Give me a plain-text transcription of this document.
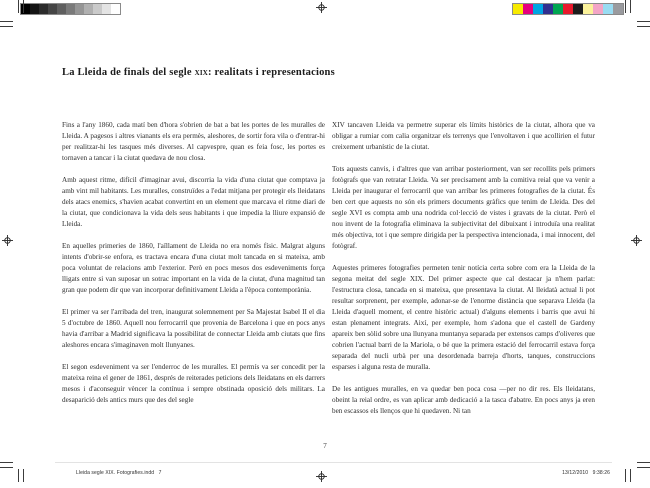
La Lleida de finals del segle xix: realitats i representacions

Fins a l'any 1860, cada matí ben d'hora s'obrien de bat a bat les portes de les muralles de Lleida. A pagesos i altres vianants els era permès, aleshores, de sortir fora vila o d'entrar-hi per realitzar-hi les tasques més diverses. Al capvespre, quan es feia fosc, les portes es tornaven a tancar i la ciutat quedava de nou closa.

Amb aquest ritme, difícil d'imaginar avui, discorria la vida d'una ciutat que comptava ja amb vint mil habitants. Les muralles, construïdes a l'edat mitjana per protegir els lleidatans dels atacs enemics, s'havien acabat convertint en un element que marcava el ritme diari de la ciutat, que condicionava la vida dels seus habitants i que impedia la lliure expansió de Lleida.

En aquelles primeries de 1860, l'aïllament de Lleida no era només físic. Malgrat alguns intents d'obrir-se enfora, es tractava encara d'una ciutat molt tancada en si mateixa, amb poca voluntat de relacions amb l'exterior. Però en pocs mesos dos esdeveniments força lligats entre si van suposar un sotrac important en la vida de la ciutat, d'una magnitud tan gran que podem dir que van incorporar definitivament Lleida a l'època contemporània.

El primer va ser l'arribada del tren, inaugurat solemnement per Sa Majestat Isabel II el dia 5 d'octubre de 1860. Aquell nou ferrocarril que provenia de Barcelona i que en pocs anys havia d'arribar a Madrid significava la possibilitat de connectar Lleida amb ciutats que fins aleshores encara s'imaginaven molt llunyanes.

El segon esdeveniment va ser l'enderroc de les muralles. El permís va ser concedit per la mateixa reina el gener de 1861, després de reiterades peticions dels lleidatans en els darrers mesos i d'aconseguir vèncer la contínua i sempre obstinada oposició dels militars. La desaparició dels antics murs que des del segle

XIV tancaven Lleida va permetre superar els límits històrics de la ciutat, alhora que va obligar a rumiar com calia organitzar els terrenys que l'envoltaven i que acollirien el futur creixement urbanístic de la ciutat.

Tots aquests canvis, i d'altres que van arribar posteriorment, van ser recollits pels primers fotògrafs que van retratar Lleida. Va ser precisament amb la comitiva reial que va venir a Lleida per inaugurar el ferrocarril que van arribar les primeres fotografies de la ciutat. És ben cert que aquests no són els primers documents gràfics que tenim de Lleida. Des del segle XVI es compta amb una nodrida col·lecció de vistes i gravats de la ciutat. Però el nou invent de la fotografia eliminava la subjectivitat del dibuixant i introduïa una realitat més objectiva, tot i que sempre dirigida per la perspectiva intencionada, i mai innocent, del fotògraf.

Aquestes primeres fotografies permeten tenir notícia certa sobre com era la Lleida de la segona meitat del segle XIX. Del primer aspecte que cal destacar ja n'hem parlat: l'estructura closa, tancada en si mateixa, que presentava la ciutat. Al lleidatà actual li pot resultar sorprenent, per exemple, adonar-se de l'enorme distància que separava Lleida (la Lleida d'aquell moment, el centre històric actual) d'alguns elements i barris que avui hi estan plenament integrats. Així, per exemple, hom s'adona que el castell de Gardeny apareix ben sòlid sobre una llunyana muntanya separada per extensos camps d'oliveres que cobrien l'actual barri de la Mariola, o bé que la primera estació del ferrocarril estava força separada del nucli urbà per una desordenada barreja d'horts, tanques, construccions esparses i alguna resta de muralla.

De les antigues muralles, en va quedar ben poca cosa —per no dir res. Els lleidatans, obeint la reial ordre, es van aplicar amb dedicació a la tasca d'abatre. En pocs anys ja eren ben escassos els llenços que hi quedaven. Ni tan

7
Lleida segle XIX. Fotografies.indd   7	13/12/2010   9:38:26
